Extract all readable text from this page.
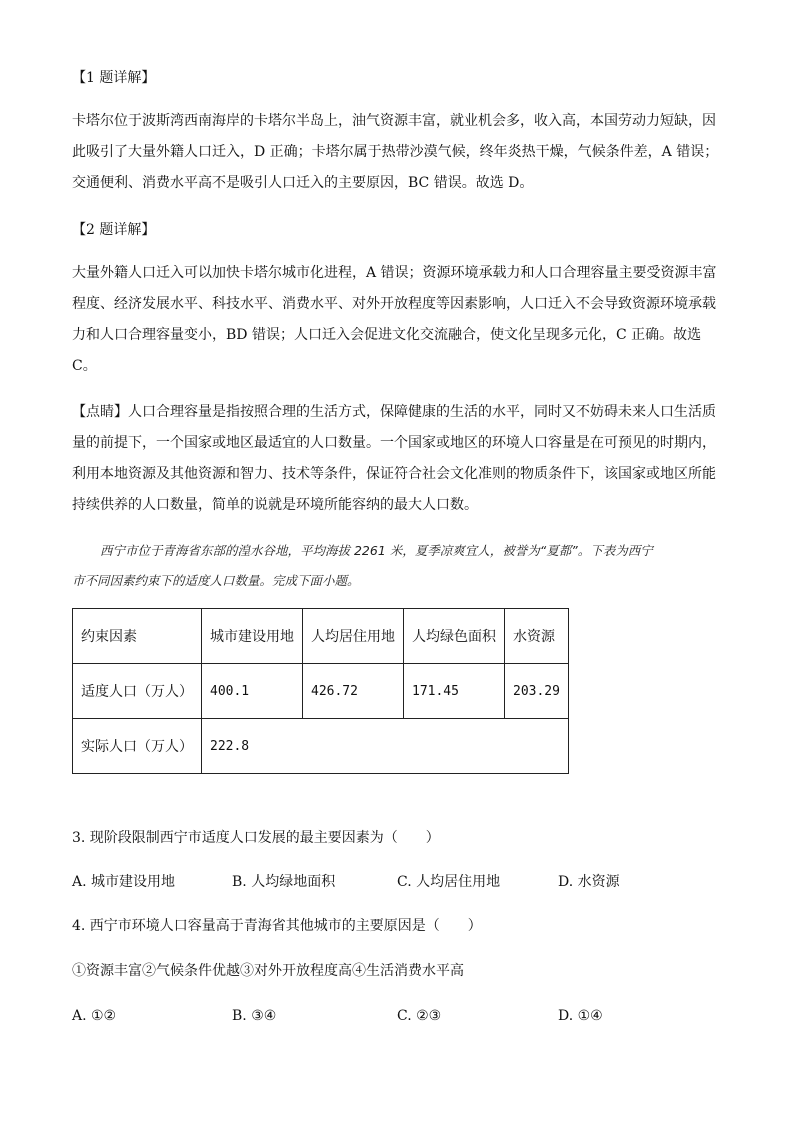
【1 题详解】
卡塔尔位于波斯湾西南海岸的卡塔尔半岛上，油气资源丰富，就业机会多，收入高，本国劳动力短缺，因
此吸引了大量外籍人口迁入，D 正确；卡塔尔属于热带沙漠气候，终年炎热干燥，气候条件差，A 错误；
交通便利、消费水平高不是吸引人口迁入的主要原因，BC 错误。故选 D。
【2 题详解】
大量外籍人口迁入可以加快卡塔尔城市化进程，A 错误；资源环境承载力和人口合理容量主要受资源丰富
程度、经济发展水平、科技水平、消费水平、对外开放程度等因素影响，人口迁入不会导致资源环境承载
力和人口合理容量变小，BD 错误；人口迁入会促进文化交流融合，使文化呈现多元化，C 正确。故选
C。
【点睛】人口合理容量是指按照合理的生活方式，保障健康的生活的水平，同时又不妨碍未来人口生活质
量的前提下，一个国家或地区最适宜的人口数量。一个国家或地区的环境人口容量是在可预见的时期内，
利用本地资源及其他资源和智力、技术等条件，保证符合社会文化准则的物质条件下，该国家或地区所能
持续供养的人口数量，简单的说就是环境所能容纳的最大人口数。
西宁市位于青海省东部的湟水谷地，平均海拔 2261 米，夏季凉爽宜人，被誉为“夏都”。下表为西宁
市不同因素约束下的适度人口数量。完成下面小题。
约束因素	城市建设用地	人均居住用地	人均绿色面积	水资源
适度人口（万人）	400.1	426.72	171.45	203.29
实际人口（万人）	222.8			
3. 现阶段限制西宁市适度人口发展的最主要因素为（　　）
A. 城市建设用地	B. 人均绿地面积	C. 人均居住用地	D. 水资源
4. 西宁市环境人口容量高于青海省其他城市的主要原因是（　　）
①资源丰富②气候条件优越③对外开放程度高④生活消费水平高
A. ①②	B. ③④	C. ②③	D. ①④
